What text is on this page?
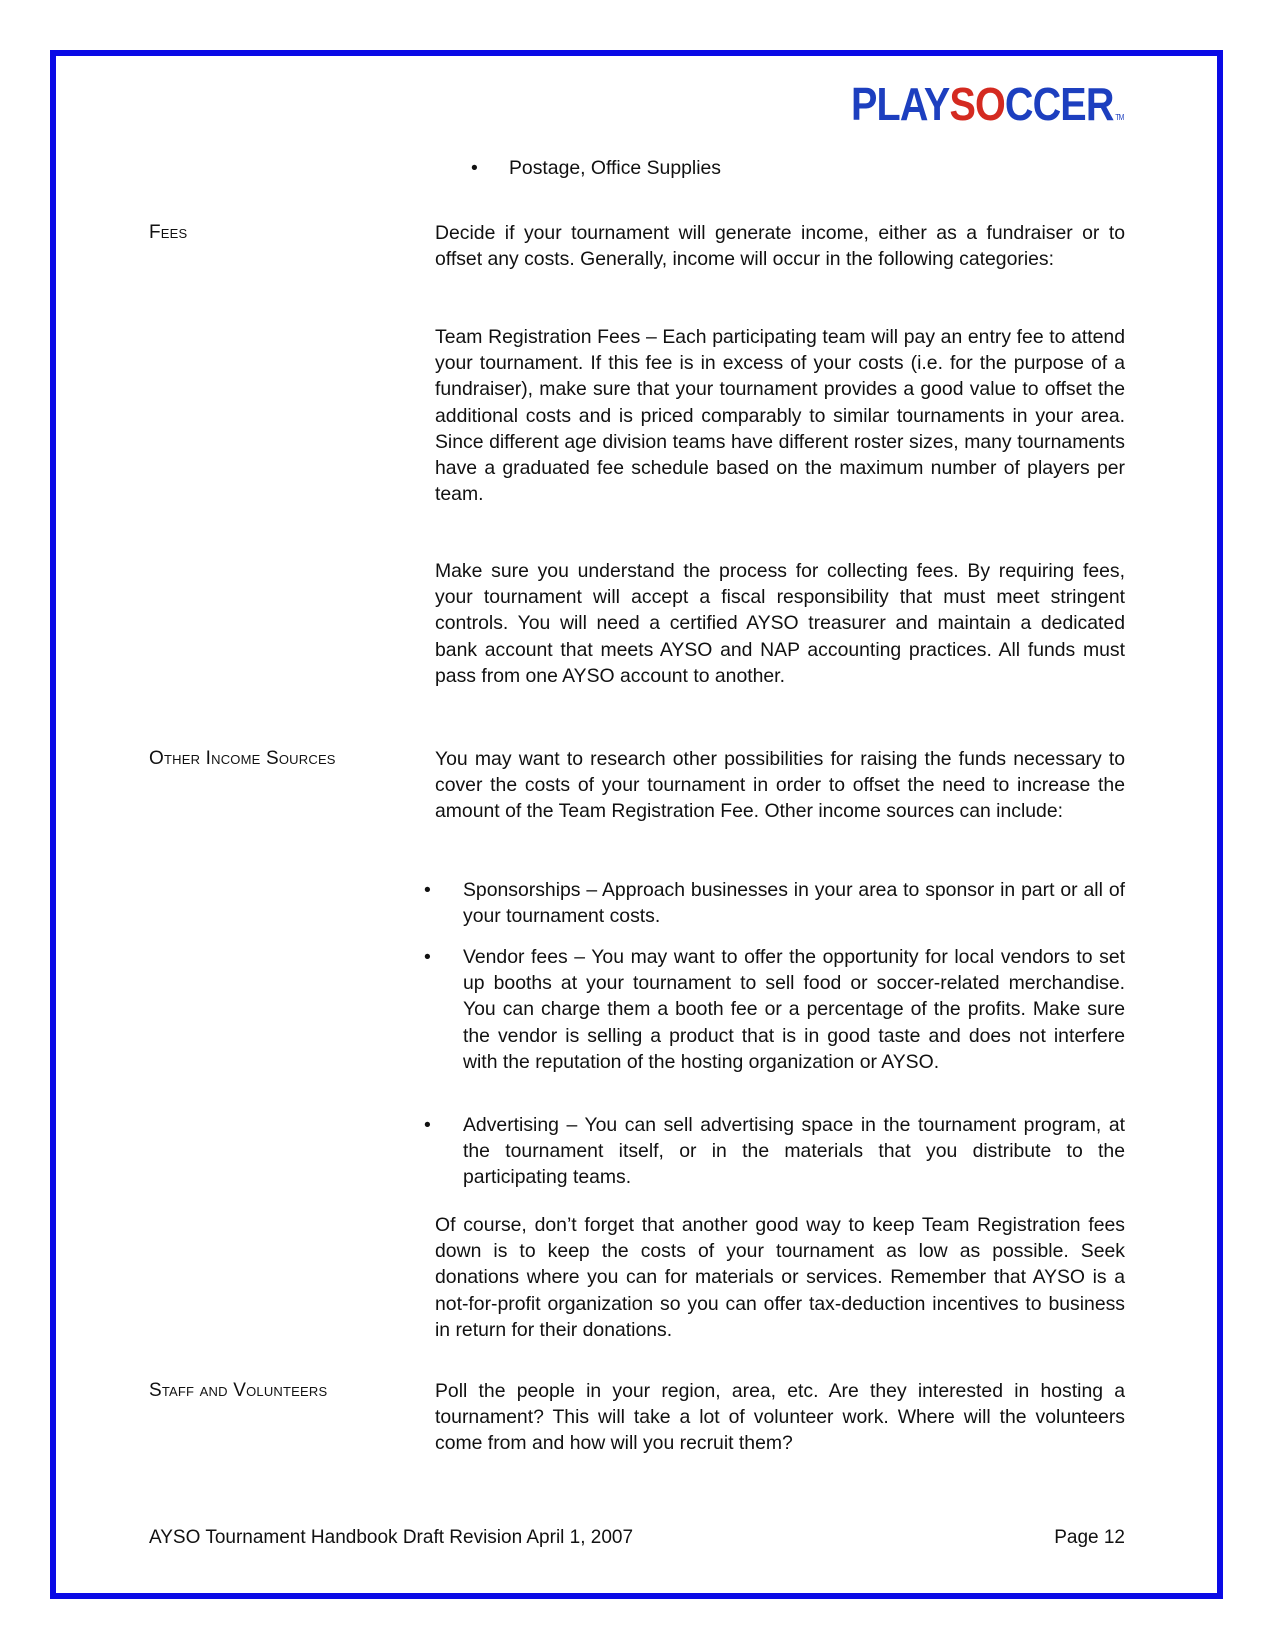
PLAYSOCCER TM
• Postage, Office Supplies
Fees	Decide if your tournament will generate income, either as a fundraiser or to offset any costs. Generally, income will occur in the following categories:

Team Registration Fees – Each participating team will pay an entry fee to attend your tournament. If this fee is in excess of your costs (i.e. for the purpose of a fundraiser), make sure that your tournament provides a good value to offset the additional costs and is priced comparably to similar tournaments in your area. Since different age division teams have different roster sizes, many tournaments have a graduated fee schedule based on the maximum number of players per team.

Make sure you understand the process for collecting fees. By requiring fees, your tournament will accept a fiscal responsibility that must meet stringent controls. You will need a certified AYSO treasurer and maintain a dedicated bank account that meets AYSO and NAP accounting practices. All funds must pass from one AYSO account to another.

Other Income Sources	You may want to research other possibilities for raising the funds necessary to cover the costs of your tournament in order to offset the need to increase the amount of the Team Registration Fee. Other income sources can include:

• Sponsorships – Approach businesses in your area to sponsor in part or all of your tournament costs.

• Vendor fees – You may want to offer the opportunity for local vendors to set up booths at your tournament to sell food or soccer-related merchandise. You can charge them a booth fee or a percentage of the profits. Make sure the vendor is selling a product that is in good taste and does not interfere with the reputation of the hosting organization or AYSO.

• Advertising – You can sell advertising space in the tournament program, at the tournament itself, or in the materials that you distribute to the participating teams.

Of course, don’t forget that another good way to keep Team Registration fees down is to keep the costs of your tournament as low as possible. Seek donations where you can for materials or services. Remember that AYSO is a not-for-profit organization so you can offer tax-deduction incentives to business in return for their donations.

Staff and Volunteers	Poll the people in your region, area, etc. Are they interested in hosting a tournament? This will take a lot of volunteer work. Where will the volunteers come from and how will you recruit them?

AYSO Tournament Handbook Draft Revision April 1, 2007	Page 12
